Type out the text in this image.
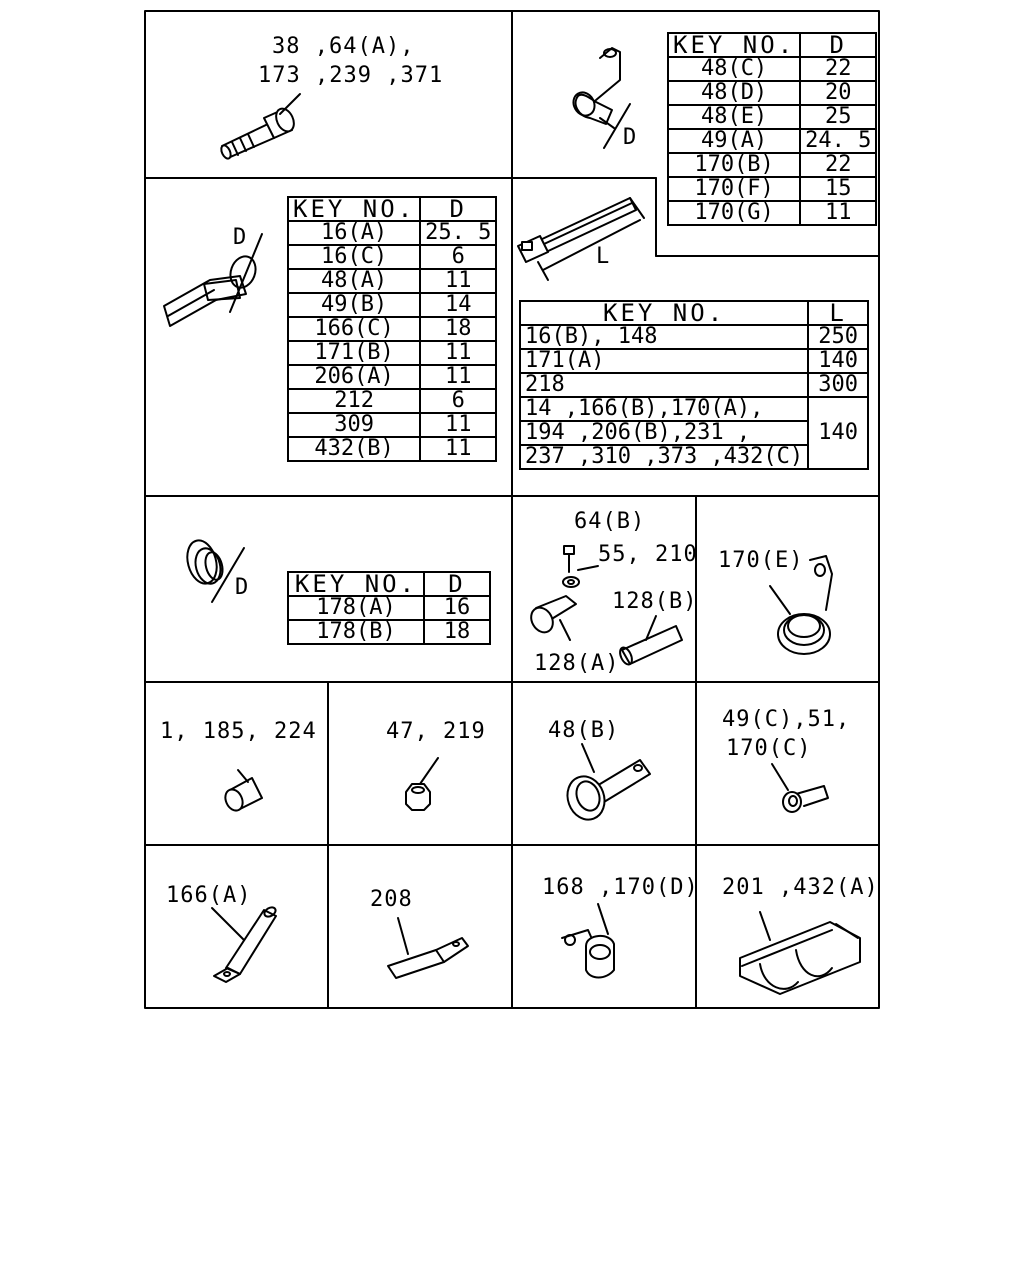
38 ,64(A),
173 ,239 ,371
D
D
L
D
64(B)
55, 210
128(B)
128(A)
170(E)
1, 185, 224	47, 219	48(B)	49(C),51,
170(C)
166(A)	208	168 ,170(D) 201 ,432(A)
KEY NO.	D
48(C)	22
48(D)	20
48(E)	25
49(A)	24. 5
170(B)	22
170(F)	15
170(G)	11
KEY NO.	D
16(A)	25. 5
16(C)	6
48(A)	11
49(B)	14
166(C)	18
171(B)	11
206(A)	11
212	6
309	11
432(B)	11
KEY NO.	L
16(B), 148	250
171(A)	140
218	300
14 ,166(B),170(A),	140
194 ,206(B),231 ,	
237 ,310 ,373 ,432(C)	
KEY NO.	D
178(A)	16
178(B)	18
